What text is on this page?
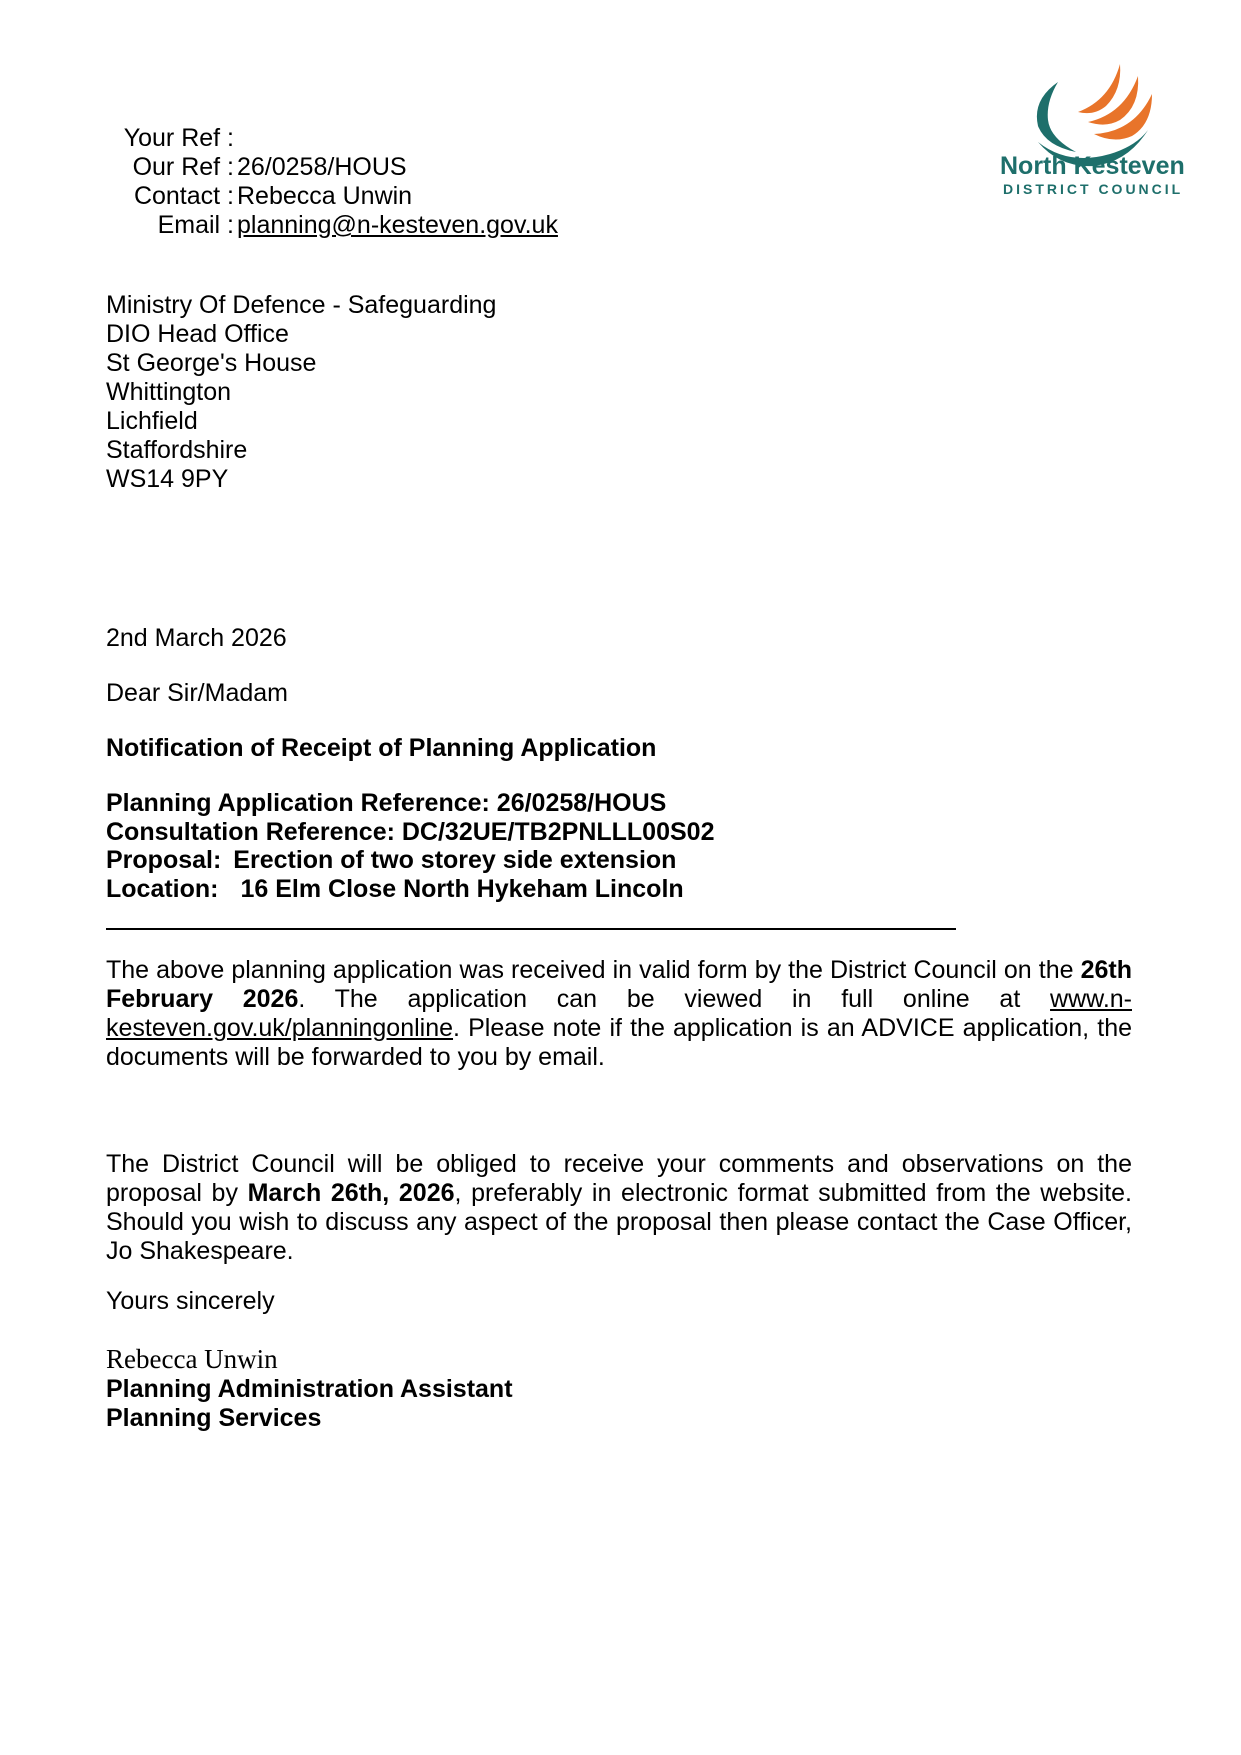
North Kesteven
DISTRICT COUNCIL
Your Ref :
Our Ref : 26/0258/HOUS
Contact : Rebecca Unwin
Email : planning@n-kesteven.gov.uk
Ministry Of Defence - Safeguarding
DIO Head Office
St George's House
Whittington
Lichfield
Staffordshire
WS14 9PY
2nd March 2026
Dear Sir/Madam
Notification of Receipt of Planning Application
Planning Application Reference: 26/0258/HOUS
Consultation Reference: DC/32UE/TB2PNLLL00S02
Proposal: Erection of two storey side extension
Location: 16 Elm Close North Hykeham Lincoln
The above planning application was received in valid form by the District Council on the 26th February 2026. The application can be viewed in full online at www.n-kesteven.gov.uk/planningonline. Please note if the application is an ADVICE application, the documents will be forwarded to you by email.
The District Council will be obliged to receive your comments and observations on the proposal by March 26th, 2026, preferably in electronic format submitted from the website. Should you wish to discuss any aspect of the proposal then please contact the Case Officer, Jo Shakespeare.
Yours sincerely
Rebecca Unwin
Planning Administration Assistant
Planning Services
